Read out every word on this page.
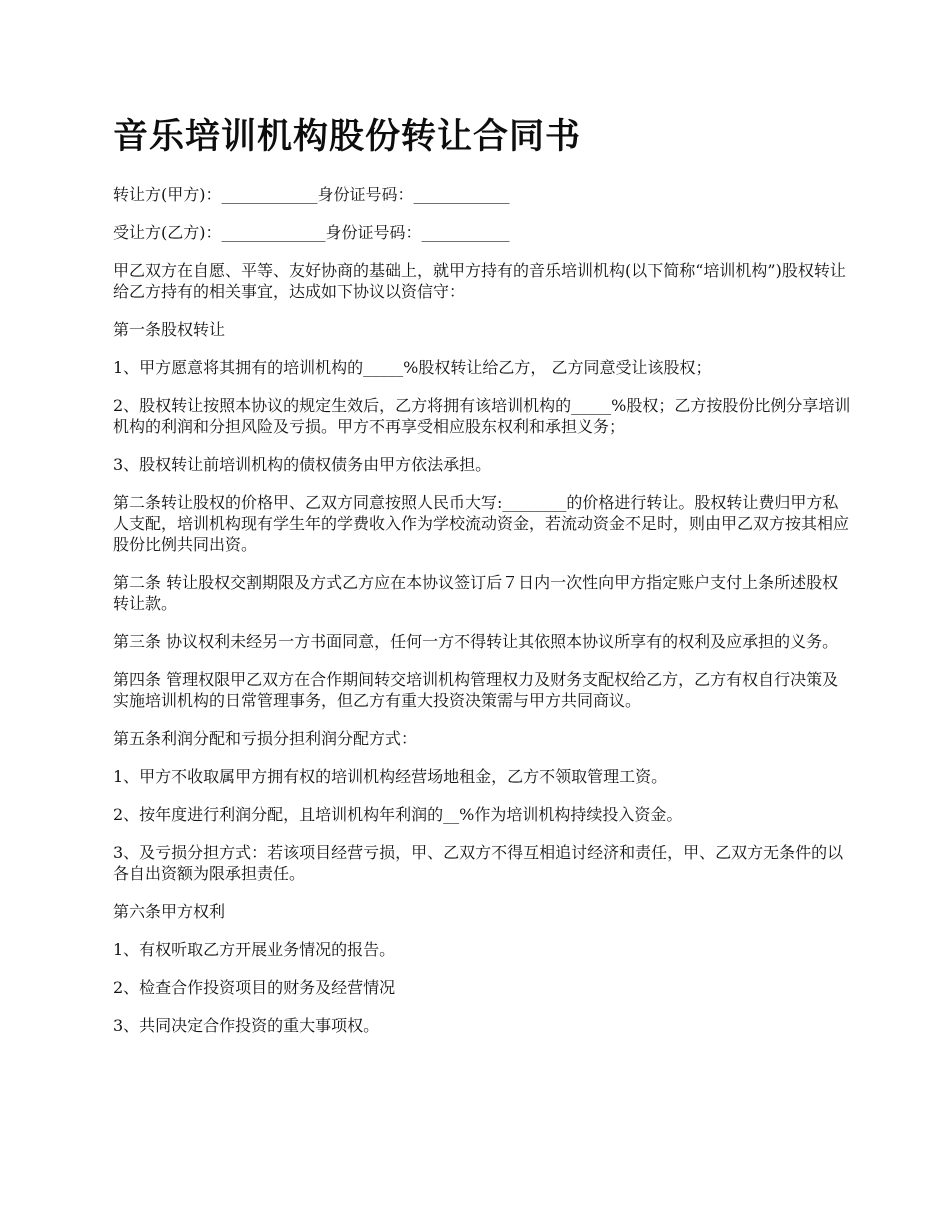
音乐培训机构股份转让合同书

转让方(甲方)：____________身份证号码：____________

受让方(乙方)：_____________身份证号码：___________

甲乙双方在自愿、平等、友好协商的基础上，就甲方持有的音乐培训机构(以下简称“培训机构”)股权转让给乙方持有的相关事宜，达成如下协议以资信守：

第一条股权转让

1、甲方愿意将其拥有的培训机构的_____%股权转让给乙方， 乙方同意受让该股权；

2、股权转让按照本协议的规定生效后，乙方将拥有该培训机构的_____%股权；乙方按股份比例分享培训机构的利润和分担风险及亏损。甲方不再享受相应股东权利和承担义务；

3、股权转让前培训机构的债权债务由甲方依法承担。

第二条转让股权的价格甲、乙双方同意按照人民币大写:________的价格进行转让。股权转让费归甲方私人支配，培训机构现有学生年的学费收入作为学校流动资金，若流动资金不足时，则由甲乙双方按其相应股份比例共同出资。

第二条 转让股权交割期限及方式乙方应在本协议签订后７日内一次性向甲方指定账户支付上条所述股权转让款。

第三条 协议权利未经另一方书面同意，任何一方不得转让其依照本协议所享有的权利及应承担的义务。

第四条 管理权限甲乙双方在合作期间转交培训机构管理权力及财务支配权给乙方，乙方有权自行决策及实施培训机构的日常管理事务，但乙方有重大投资决策需与甲方共同商议。

第五条利润分配和亏损分担利润分配方式：

1、甲方不收取属甲方拥有权的培训机构经营场地租金，乙方不领取管理工资。

2、按年度进行利润分配，且培训机构年利润的__%作为培训机构持续投入资金。

3、及亏损分担方式：若该项目经营亏损，甲、乙双方不得互相追讨经济和责任，甲、乙双方无条件的以各自出资额为限承担责任。

第六条甲方权利

1、有权听取乙方开展业务情况的报告。

2、检查合作投资项目的财务及经营情况

3、共同决定合作投资的重大事项权。
